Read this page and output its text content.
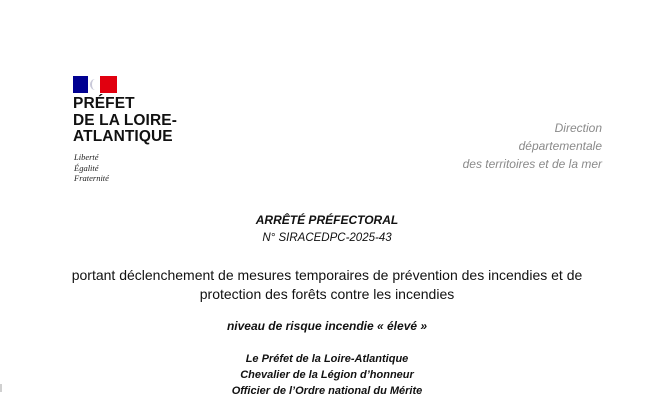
PRÉFET
DE LA LOIRE-
ATLANTIQUE
Liberté
Égalité
Fraternité
Direction
départementale
des territoires et de la mer
ARRÊTÉ PRÉFECTORAL
N° SIRACEDPC-2025-43
portant déclenchement de mesures temporaires de prévention des incendies et de
protection des forêts contre les incendies
niveau de risque incendie « élevé »
Le Préfet de la Loire-Atlantique
Chevalier de la Légion d’honneur
Officier de l’Ordre national du Mérite
